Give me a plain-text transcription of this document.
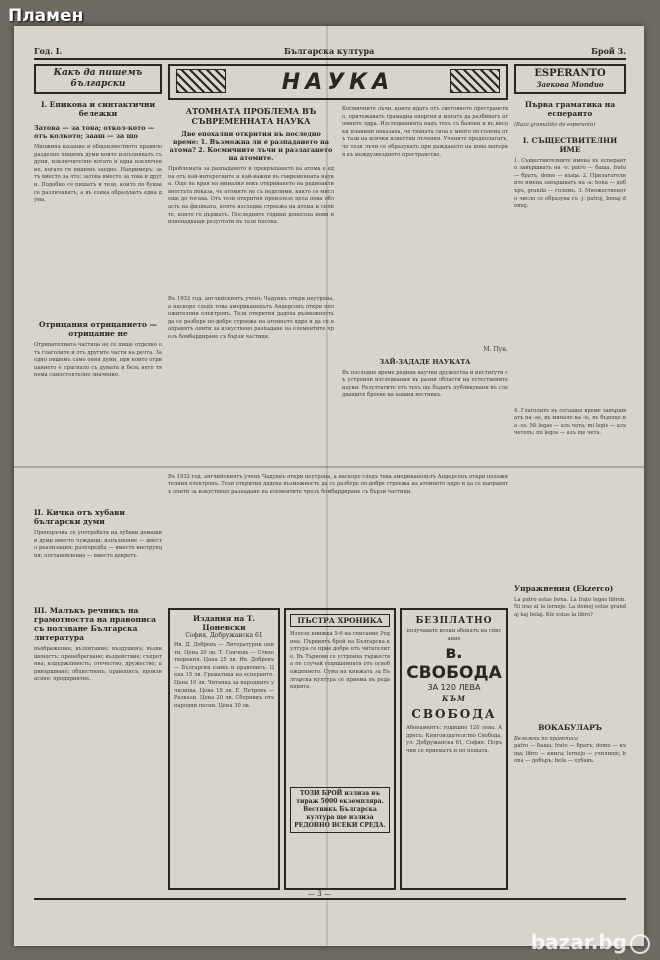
Пламен
Год. I.	Българска култура	Брой 3.
Какъ да пишемъ български
I. Епикова и синтактични бележки
Затова — за това; откол-кото — отъ колкото; зааш — за що
Множина казание и общоизвестното правило разделно пишемъ думи които изпълняватъ съ думи, изключително когато и една изключение, когато ги пишемъ заедно. Напримеръ: за тъ вместо за что; затова вместо за това и други. Подобно се пишатъ и тези, които по буква се различаватъ, а въ езика образуватъ една дума.
Отрицания отрицанието — отрицание не
Отрицателната частица не се пише отделно отъ глаголите и отъ другите части на речта. Заедно пишемъ само ония думи, при които отрицанието е сраснало съ думата и безъ него тя нема самостоятелно значение.
II. Кичка отъ хубави български думи
Препоръчва се употребата на хубави домашни думи вместо чуждици: изпълнение — вместо реализация; разпоредба — вместо инструкция; постановление — вместо декретъ.
III. Малъкъ речникъ на грамотността на правописа съ ползване Българска литература
въображение; възпитание; въздушенъ; възвишеностъ; пренебрегване; въздействие; съпротива; издържливость; отечество; дружество; привършване; общественъ; правописъ; произнасяне; предприятие.
НАУКА
АТОМНАТА ПРОБЛЕМА ВЪ СЪВРЕМЕННАТА НАУКА
Две епохални открития въ последно време: 1. Възможна ли е разпадането на атома? 2. Космичните лъчи и разлагането на атомите.
Проблемата за разпадането и превръщането на атома е една отъ най-интересните и най-важни въ съвременната наука. Още въ края на миналия векъ откриването на радиоактивностьта показа, че атомите не съ неделими, както се мислеше до тогава. Отъ тези открития произлезе цела нова область на физиката, която изследва строежа на атома и силите, които го държатъ. Последните години донесоха нови и изненадващи резултати въ тази посока.
Въ 1932 год. английскиятъ ученъ Чадуикъ откри неутрона, а наскоро следъ това американецътъ Андерсонъ откри положителния електронъ. Тези открития дадоха възможность да се разбере по-добре строежа на атомното ядро и да се направятъ опити за изкуствено разпадане на елементите чрезъ бомбардиране съ бързи частици.
Космичните лъчи, които идатъ отъ световното пространство, притежаватъ грамадна енергия и могатъ да разбиватъ атомните ядра. Изследванията надъ техъ съ балони и въ високи планини показаха, че тяхната сила е много по-голема отъ тази на всички известни лъчения. Учените предполагатъ, че тези лъчи се образуватъ при раждането на нова материя въ междузвездното пространство.
М. Пун.
ЗАЙ-ЗАДАДЕ НАУКАТА
Въ последно време редица научни дружества и институти съ устроили изследвания въ разни области на естествените науки. Резултатите отъ техъ ще бъдатъ публикувани въ следващите броеве на нашия вестникъ.
Въ 1932 год. английскиятъ ученъ Чадуикъ откри неутрона, а наскоро следъ това американецътъ Андерсонъ откри положителния електронъ. Тези открития дадоха възможность да се разбере по-добре строежа на атомното ядро и да се направятъ опити за изкуствено разпадане на елементите чрезъ бомбардиране съ бързи частици.
Издания на Т. Цоневски
София, Добружанска 61
Ив. Д. Добревъ — Литературни опити. Цена 20 лв. Т. Ганчевъ — Стихотворения. Цена 25 лв. Ив. Добревъ — Български езикъ и правописъ. Цена 15 лв. Граматика на есперанто. Цена 10 лв. Читанка за народните училища. Цена 18 лв. Е. Петровъ — Разкази. Цена 20 лв. Сборникъ отъ народни песни. Цена 30 лв.
ПЪСТРА ХРОНИКА
Излезе книжка 5-6 на списание Родина. Първиятъ брой на Българска култура се прие добре отъ читателите. Въ Търново се устроиха тържества по случай годишнината отъ освобождението. Сума на книжата за Българска култура се приема въ редакцията.
ТОЗИ БРОЙ излиза въ тираж 5000 екземпляра. Вестникъ Българска култура ще излиза РЕДОВНО ВСЕКИ СРЕДА.
БЕЗПЛАТНО
получавате всеки абонатъ на списание
в. СВОБОДА
ЗА 120 ЛЕВА
КЪМ
СВОБОДА
Абонаментъ: годишно 120 лева. Адресъ: Книгоиздателство Свобода, ул. Добружанска 61, София. Поръчки се приематъ и по пощата.
ESPERANTO
Заекова Monduo
Първа граматика на есперанто
(Bazo gramatiko de esperanto)
I. СЪЩЕСТВИТЕЛНИ ИМЕ
1. Съществителните имена въ есперанто завършватъ на -о: patro — баща, frato — братъ, domo — къща. 2. Прилагателните имена завършватъ на -а: bona — добъръ, granda — големъ. 3. Множественото число се образува съ -j: patroj, bonaj domoj.
4. Глаголите въ сегашно време завършватъ на -as, въ минало на -is, въ бъдеще на -os. Mi legas — азъ чета; mi legis — азъ четохъ; mi legos — азъ ще чета.
Упражнения (Ekzerco)
La patro estas bona. La frato legas libron. Ni iras al la lernejo. La domoj estas grandaj kaj belaj. Kie estas la libro?
ВОКАБУЛАРЪ
Бележки по правописа
patro — баща; frato — братъ; domo — къща; libro — книга; lernejo — училище; bona — добъръ; bela — хубавъ.
— 3 —
bazar.bg
